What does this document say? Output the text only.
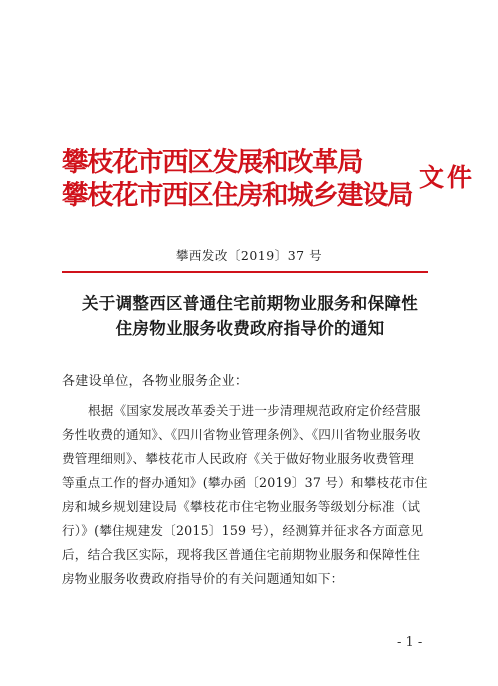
攀枝花市西区发展和改革局
攀枝花市西区住房和城乡建设局
文件
攀西发改〔2019〕37 号
关于调整西区普通住宅前期物业服务和保障性
住房物业服务收费政府指导价的通知
各建设单位，各物业服务企业：
根据《国家发展改革委关于进一步清理规范政府定价经营服
务性收费的通知》、《四川省物业管理条例》、《四川省物业服务收
费管理细则》、攀枝花市人民政府《关于做好物业服务收费管理
等重点工作的督办通知》(攀办函〔2019〕37 号）和攀枝花市住
房和城乡规划建设局《攀枝花市住宅物业服务等级划分标准（试
行）》(攀住规建发〔2015〕159 号），经测算并征求各方面意见
后，结合我区实际，现将我区普通住宅前期物业服务和保障性住
房物业服务收费政府指导价的有关问题通知如下：
- 1 -
